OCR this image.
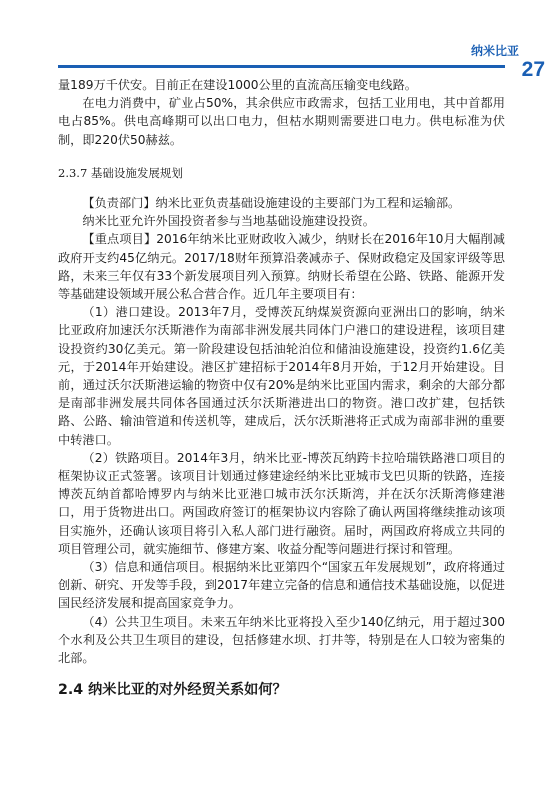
纳米比亚
27

量189万千伏安。目前正在建设1000公里的直流高压输变电线路。

在电力消费中，矿业占50%，其余供应市政需求，包括工业用电，其中首都用电占85%。供电高峰期可以出口电力，但枯水期则需要进口电力。供电标准为伏制，即220伏50赫兹。

2.3.7 基础设施发展规划

【负责部门】纳米比亚负责基础设施建设的主要部门为工程和运输部。

纳米比亚允许外国投资者参与当地基础设施建设投资。

【重点项目】2016年纳米比亚财政收入减少，纳财长在2016年10月大幅削减政府开支约45亿纳元。2017/18财年预算沿袭减赤子、保财政稳定及国家评级等思路，未来三年仅有33个新发展项目列入预算。纳财长希望在公路、铁路、能源开发等基础建设领域开展公私合营合作。近几年主要项目有：

（1）港口建设。2013年7月，受博茨瓦纳煤炭资源向亚洲出口的影响，纳米比亚政府加速沃尔沃斯港作为南部非洲发展共同体门户港口的建设进程，该项目建设投资约30亿美元。第一阶段建设包括油轮泊位和储油设施建设，投资约1.6亿美元，于2014年开始建设。港区扩建招标于2014年8月开始，于12月开始建设。目前，通过沃尔沃斯港运输的物资中仅有20%是纳米比亚国内需求，剩余的大部分都是南部非洲发展共同体各国通过沃尔沃斯港进出口的物资。港口改扩建，包括铁路、公路、输油管道和传送机等，建成后，沃尔沃斯港将正式成为南部非洲的重要中转港口。

（2）铁路项目。2014年3月，纳米比亚-博茨瓦纳跨卡拉哈瑞铁路港口项目的框架协议正式签署。该项目计划通过修建途经纳米比亚城市戈巴贝斯的铁路，连接博茨瓦纳首都哈博罗内与纳米比亚港口城市沃尔沃斯湾，并在沃尔沃斯湾修建港口，用于货物进出口。两国政府签订的框架协议内容除了确认两国将继续推动该项目实施外，还确认该项目将引入私人部门进行融资。届时，两国政府将成立共同的项目管理公司，就实施细节、修建方案、收益分配等问题进行探讨和管理。

（3）信息和通信项目。根据纳米比亚第四个“国家五年发展规划”，政府将通过创新、研究、开发等手段，到2017年建立完备的信息和通信技术基础设施，以促进国民经济发展和提高国家竞争力。

（4）公共卫生项目。未来五年纳米比亚将投入至少140亿纳元，用于超过300个水利及公共卫生项目的建设，包括修建水坝、打井等，特别是在人口较为密集的北部。

2.4 纳米比亚的对外经贸关系如何？
